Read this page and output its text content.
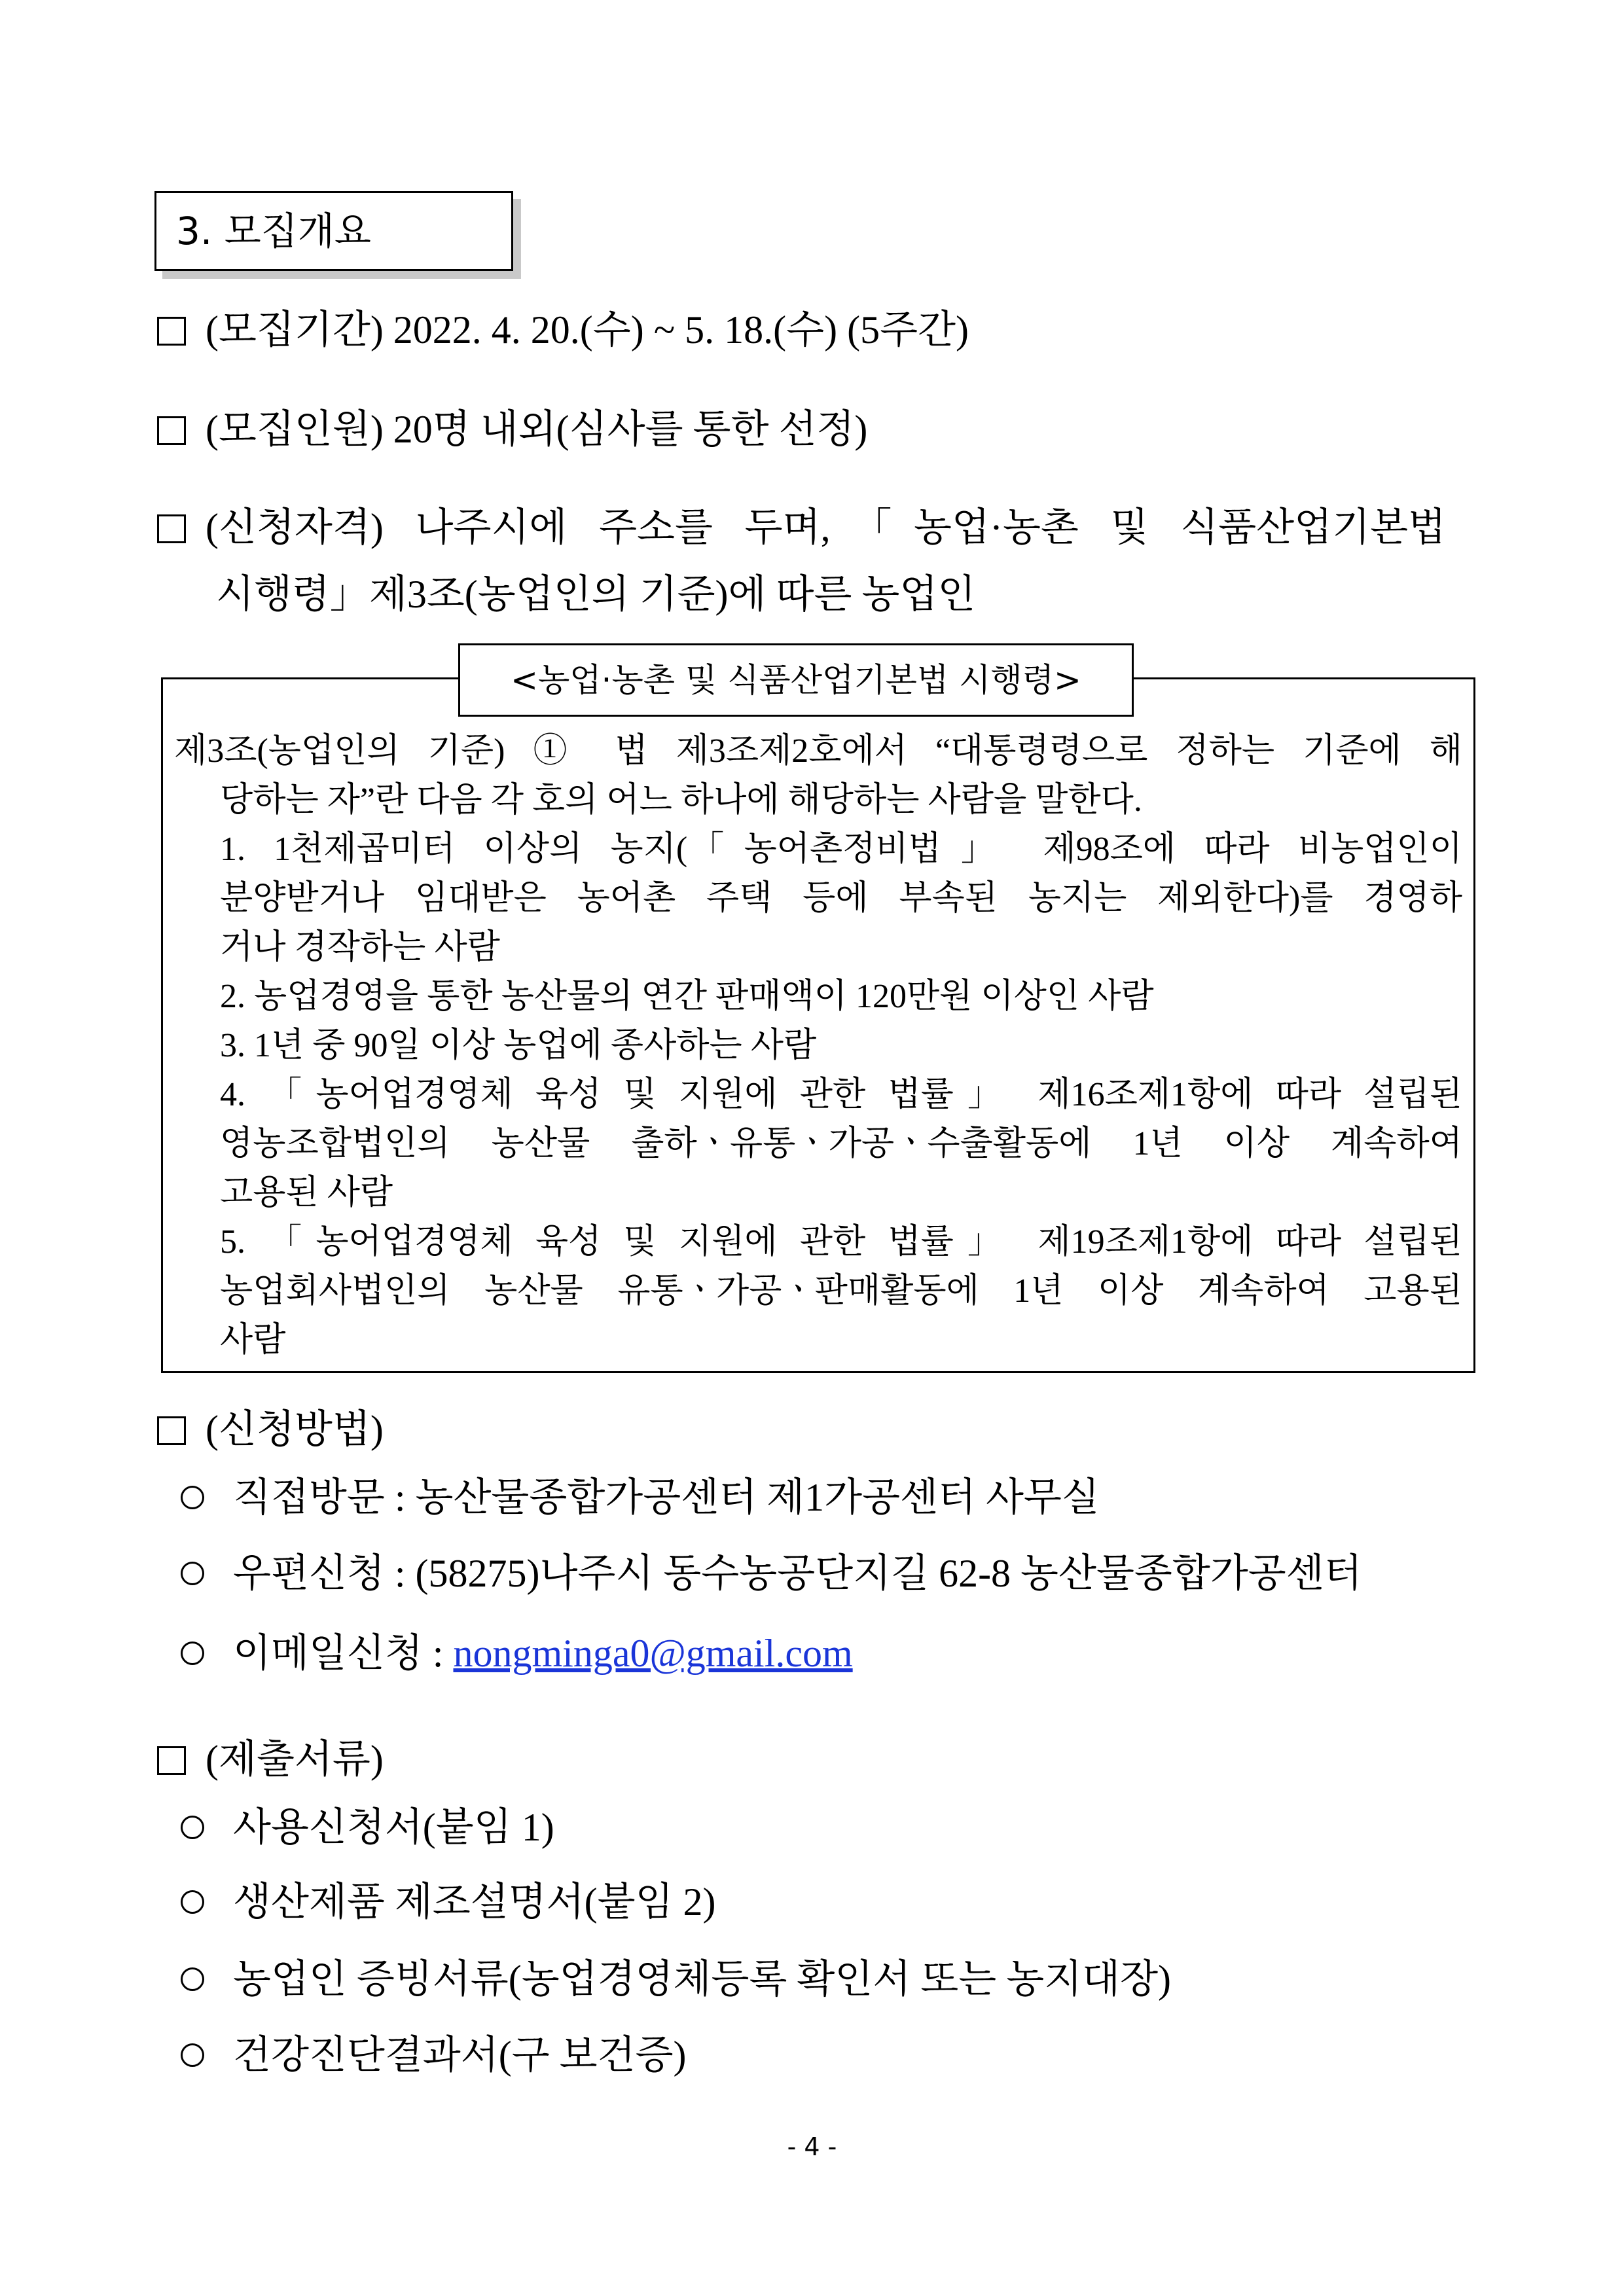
3. 모집개요
(모집기간) 2022. 4. 20.(수) ~ 5. 18.(수) (5주간)
(모집인원) 20명 내외(심사를 통한 선정)
(신청자격) 나주시에 주소를 두며,「농업·농촌 및 식품산업기본법
시행령」제3조(농업인의 기준)에 따른 농업인
<농업·농촌 및 식품산업기본법 시행령>
제3조(농업인의 기준) ① 법 제3조제2호에서 “대통령령으로 정하는 기준에 해
당하는 자”란 다음 각 호의 어느 하나에 해당하는 사람을 말한다.
1. 1천제곱미터 이상의 농지(「농어촌정비법」 제98조에 따라 비농업인이
분양받거나 임대받은 농어촌 주택 등에 부속된 농지는 제외한다)를 경영하
거나 경작하는 사람
2. 농업경영을 통한 농산물의 연간 판매액이 120만원 이상인 사람
3. 1년 중 90일 이상 농업에 종사하는 사람
4. 「농어업경영체 육성 및 지원에 관한 법률」 제16조제1항에 따라 설립된
영농조합법인의 농산물 출하ㆍ유통ㆍ가공ㆍ수출활동에 1년 이상 계속하여
고용된 사람
5. 「농어업경영체 육성 및 지원에 관한 법률」 제19조제1항에 따라 설립된
농업회사법인의 농산물 유통ㆍ가공ㆍ판매활동에 1년 이상 계속하여 고용된
사람
(신청방법)
직접방문 : 농산물종합가공센터 제1가공센터 사무실
우편신청 : (58275)나주시 동수농공단지길 62-8 농산물종합가공센터
이메일신청 : nongminga0@gmail.com
(제출서류)
사용신청서(붙임 1)
생산제품 제조설명서(붙임 2)
농업인 증빙서류(농업경영체등록 확인서 또는 농지대장)
건강진단결과서(구 보건증)
- 4 -
